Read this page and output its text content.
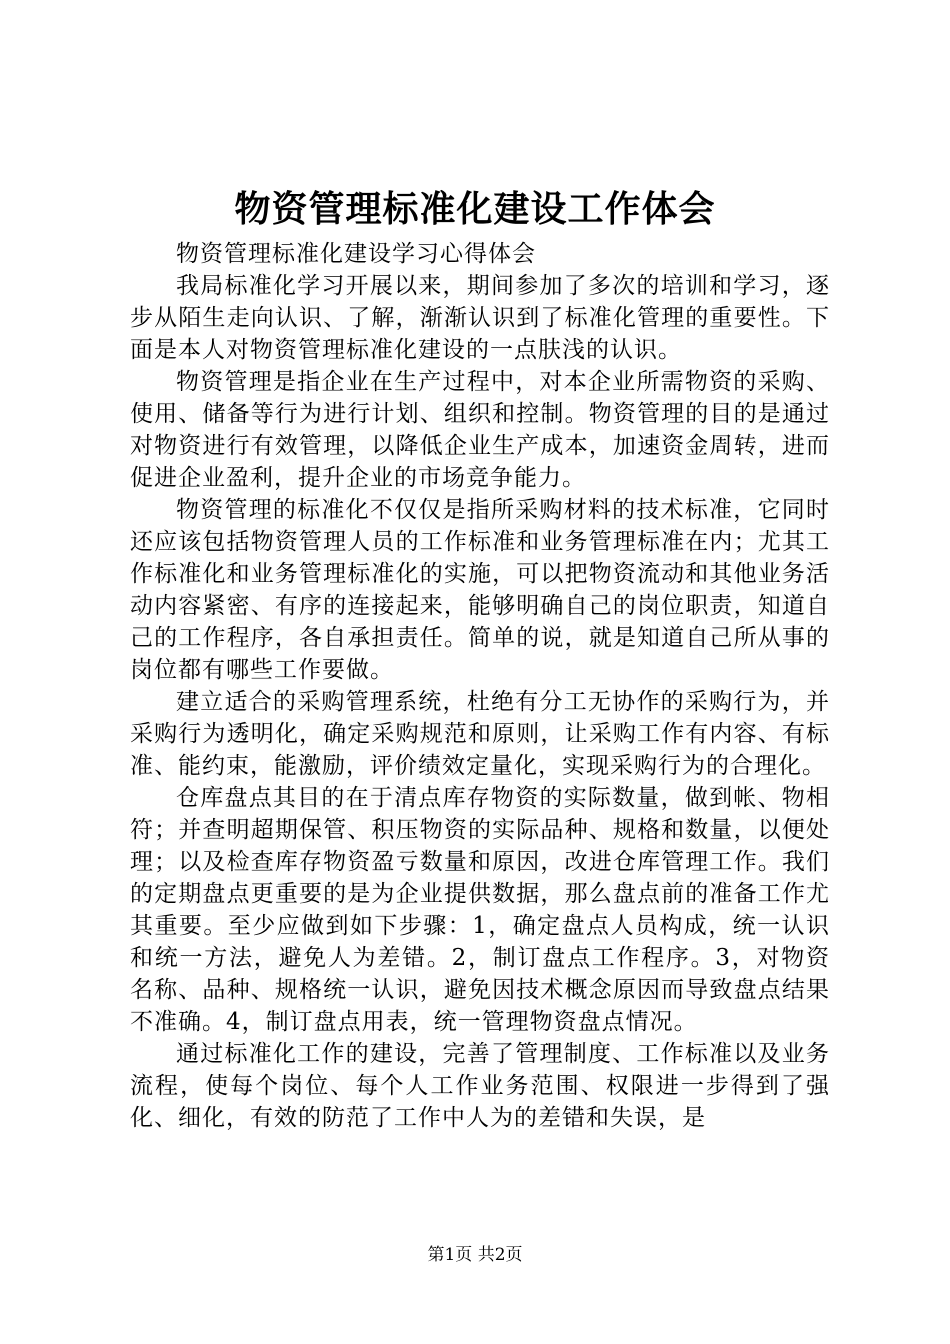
物资管理标准化建设工作体会

物资管理标准化建设学习心得体会

我局标准化学习开展以来，期间参加了多次的培训和学习，逐步从陌生走向认识、了解，渐渐认识到了标准化管理的重要性。下面是本人对物资管理标准化建设的一点肤浅的认识。

物资管理是指企业在生产过程中，对本企业所需物资的采购、使用、储备等行为进行计划、组织和控制。物资管理的目的是通过对物资进行有效管理，以降低企业生产成本，加速资金周转，进而促进企业盈利，提升企业的市场竞争能力。

物资管理的标准化不仅仅是指所采购材料的技术标准，它同时还应该包括物资管理人员的工作标准和业务管理标准在内；尤其工作标准化和业务管理标准化的实施，可以把物资流动和其他业务活动内容紧密、有序的连接起来，能够明确自己的岗位职责，知道自己的工作程序，各自承担责任。简单的说，就是知道自己所从事的岗位都有哪些工作要做。

建立适合的采购管理系统，杜绝有分工无协作的采购行为，并采购行为透明化，确定采购规范和原则，让采购工作有内容、有标准、能约束，能激励，评价绩效定量化，实现采购行为的合理化。

仓库盘点其目的在于清点库存物资的实际数量，做到帐、物相符；并查明超期保管、积压物资的实际品种、规格和数量，以便处理；以及检查库存物资盈亏数量和原因，改进仓库管理工作。我们的定期盘点更重要的是为企业提供数据，那么盘点前的准备工作尤其重要。至少应做到如下步骤：1，确定盘点人员构成，统一认识和统一方法，避免人为差错。2，制订盘点工作程序。3，对物资名称、品种、规格统一认识，避免因技术概念原因而导致盘点结果不准确。4，制订盘点用表，统一管理物资盘点情况。

通过标准化工作的建设，完善了管理制度、工作标准以及业务流程，使每个岗位、每个人工作业务范围、权限进一步得到了强化、细化，有效的防范了工作中人为的差错和失误，是

第1页 共2页
